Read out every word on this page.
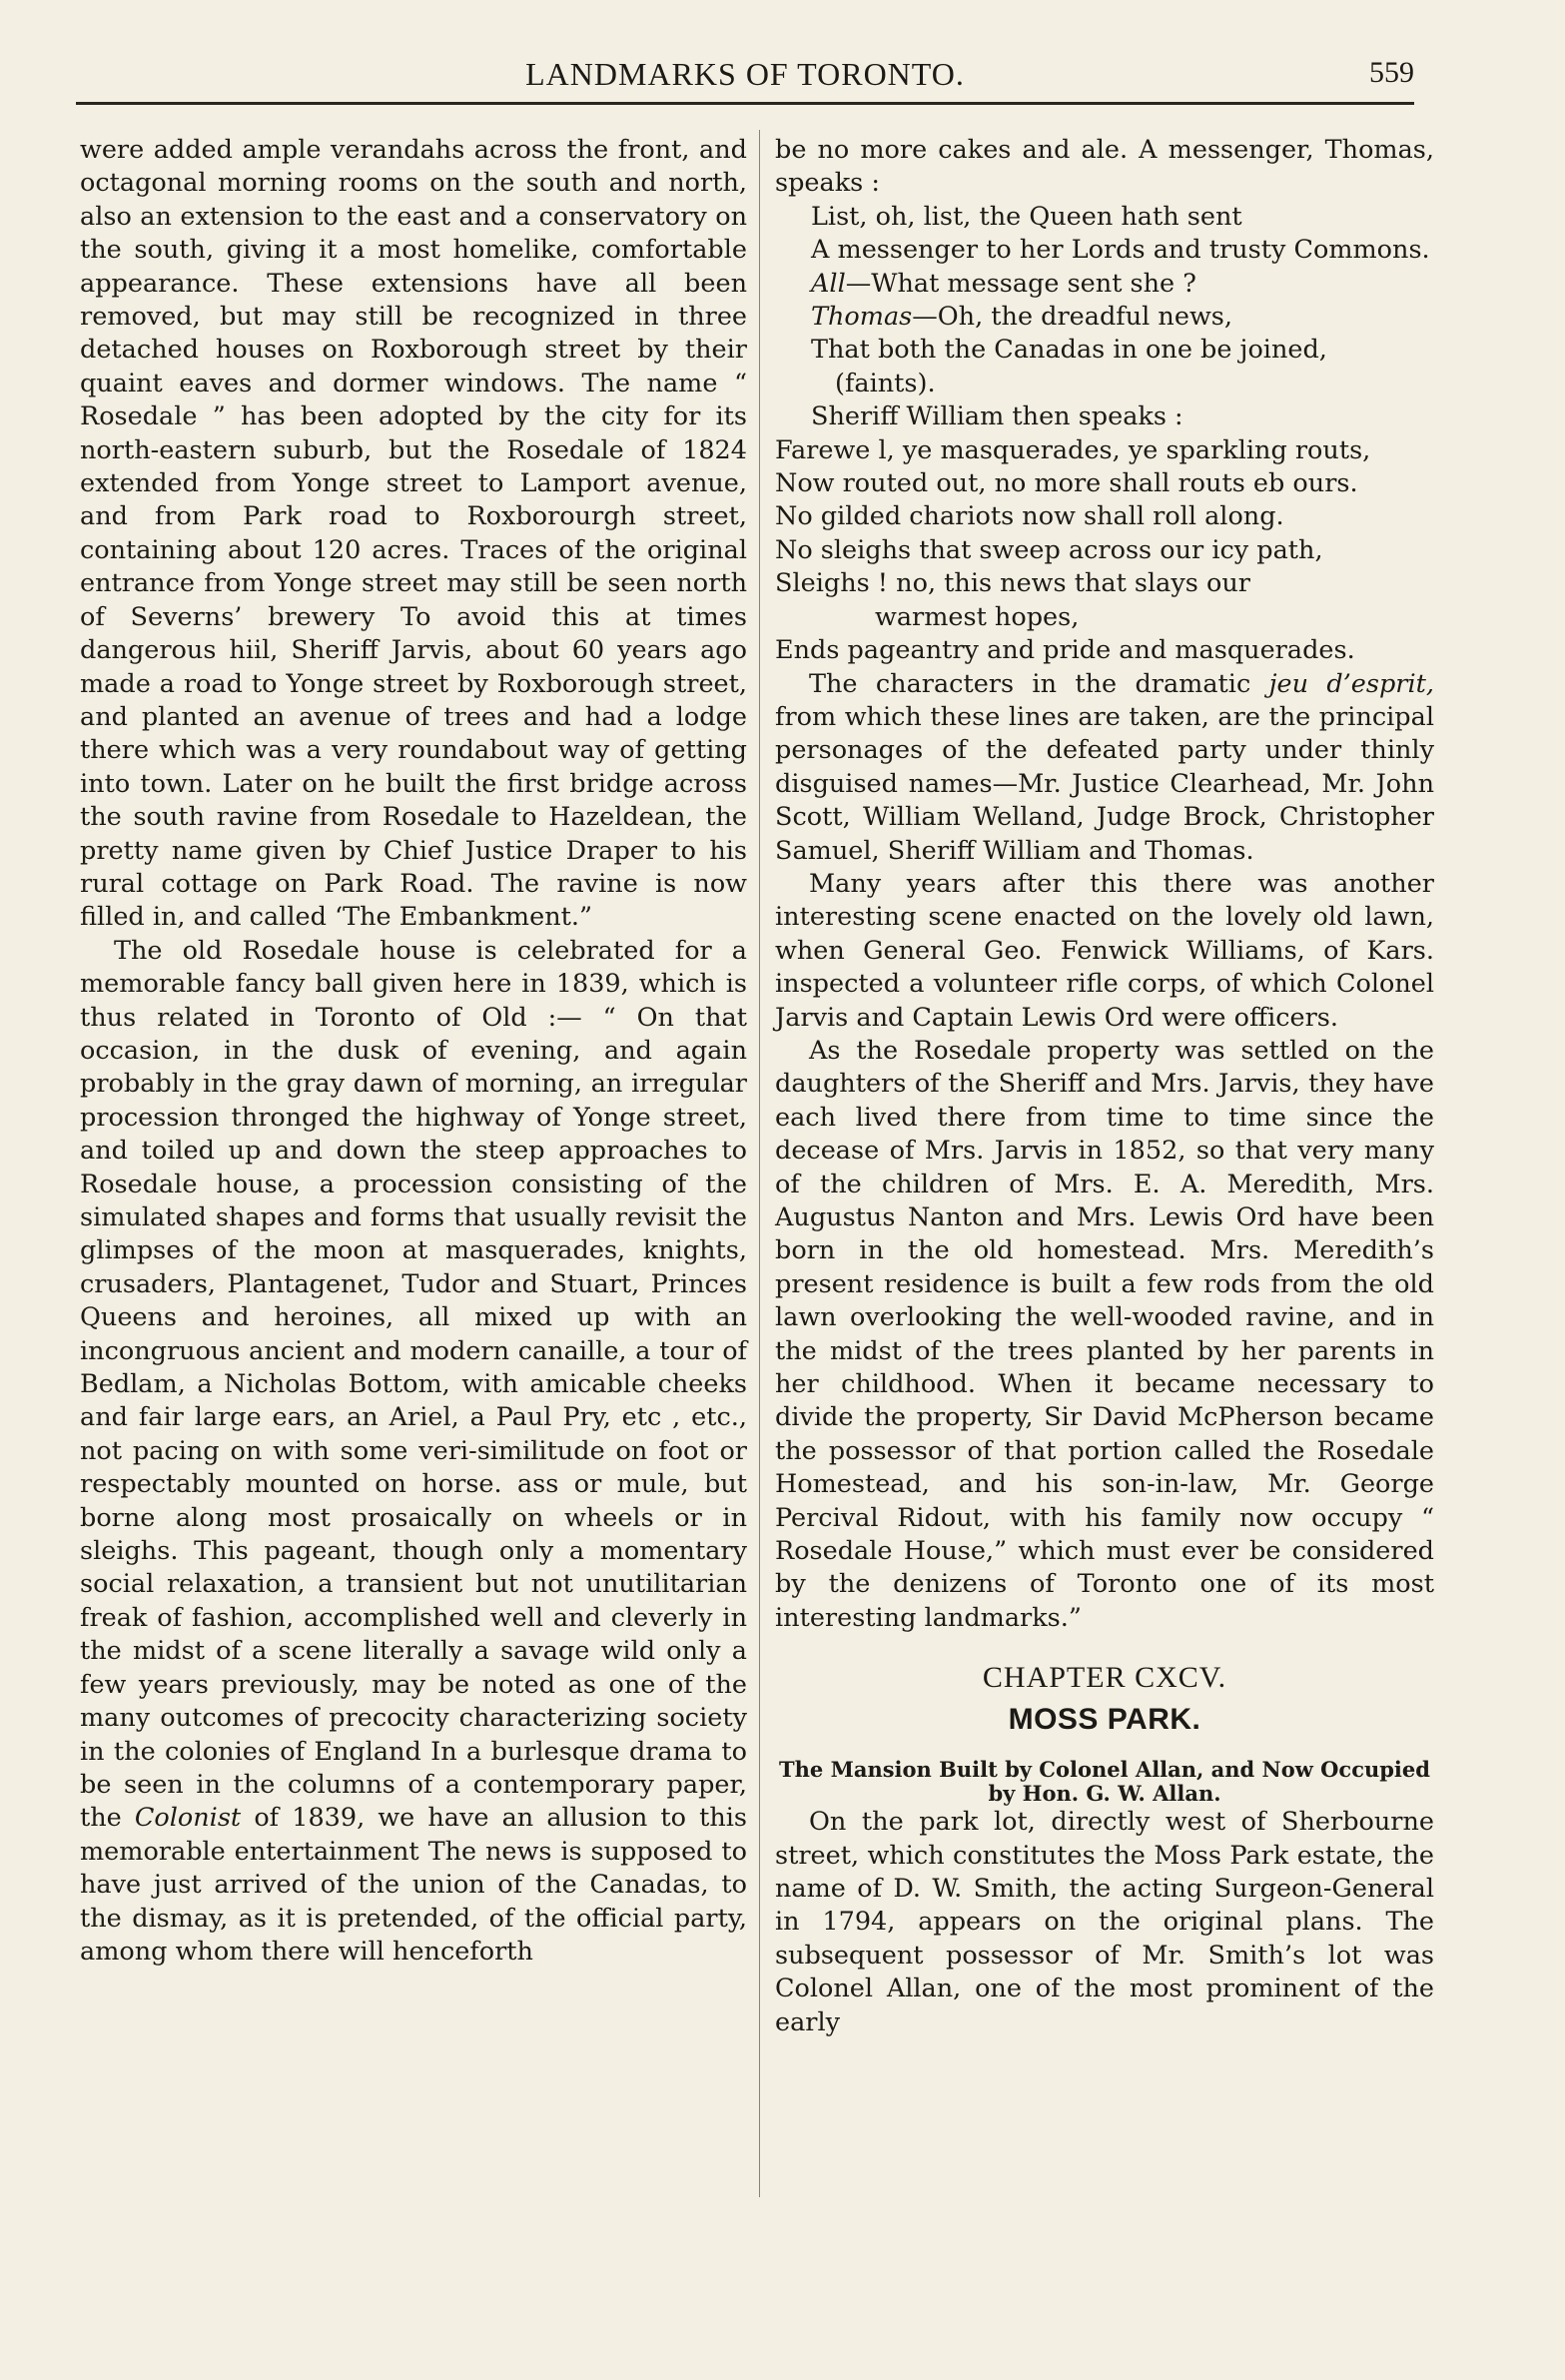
LANDMARKS OF TORONTO.	559

were added ample verandahs across the front, and octagonal morning rooms on the south and north, also an extension to the east and a conservatory on the south, giving it a most homelike, comfortable appearance. These extensions have all been removed, but may still be recognized in three detached houses on Roxborough street by their quaint eaves and dormer windows. The name “ Rosedale ” has been adopted by the city for its north-eastern suburb, but the Rosedale of 1824 extended from Yonge street to Lamport avenue, and from Park road to Roxborourgh street, containing about 120 acres. Traces of the original entrance from Yonge street may still be seen north of Severns’ brewery To avoid this at times dangerous hiil, Sheriff Jarvis, about 60 years ago made a road to Yonge street by Roxborough street, and planted an avenue of trees and had a lodge there which was a very roundabout way of getting into town. Later on he built the first bridge across the south ravine from Rosedale to Hazeldean, the pretty name given by Chief Justice Draper to his rural cottage on Park Road. The ravine is now filled in, and called ‘The Embankment.”

The old Rosedale house is celebrated for a memorable fancy ball given here in 1839, which is thus related in Toronto of Old :— “ On that occasion, in the dusk of evening, and again probably in the gray dawn of morning, an irregular procession thronged the highway of Yonge street, and toiled up and down the steep approaches to Rosedale house, a procession consisting of the simulated shapes and forms that usually revisit the glimpses of the moon at masquerades, knights, crusaders, Plantagenet, Tudor and Stuart, Princes Queens and heroines, all mixed up with an incongruous ancient and modern canaille, a tour of Bedlam, a Nicholas Bottom, with amicable cheeks and fair large ears, an Ariel, a Paul Pry, etc , etc., not pacing on with some veri-similitude on foot or respectably mounted on horse. ass or mule, but borne along most prosaically on wheels or in sleighs. This pageant, though only a momentary social relaxation, a transient but not unutilitarian freak of fashion, accomplished well and cleverly in the midst of a scene literally a savage wild only a few years previously, may be noted as one of the many outcomes of precocity characterizing society in the colonies of England In a burlesque drama to be seen in the columns of a contemporary paper, the Colonist of 1839, we have an allusion to this memorable entertainment The news is supposed to have just arrived of the union of the Canadas, to the dismay, as it is pretended, of the official party, among whom there will henceforth

be no more cakes and ale. A messenger, Thomas, speaks :

List, oh, list, the Queen hath sent

A messenger to her Lords and trusty Commons.

All—What message sent she ?

Thomas—Oh, the dreadful news,

That both the Canadas in one be joined,

(faints).

Sheriff William then speaks :

Farewe l, ye masquerades, ye sparkling routs,

Now routed out, no more shall routs eb ours.

No gilded chariots now shall roll along.

No sleighs that sweep across our icy path,

Sleighs ! no, this news that slays our

warmest hopes,

Ends pageantry and pride and masquerades.

The characters in the dramatic jeu d’esprit, from which these lines are taken, are the principal personages of the defeated party under thinly disguised names—Mr. Justice Clearhead, Mr. John Scott, William Welland, Judge Brock, Christopher Samuel, Sheriff William and Thomas.

Many years after this there was another interesting scene enacted on the lovely old lawn, when General Geo. Fenwick Williams, of Kars. inspected a volunteer rifle corps, of which Colonel Jarvis and Captain Lewis Ord were officers.

As the Rosedale property was settled on the daughters of the Sheriff and Mrs. Jarvis, they have each lived there from time to time since the decease of Mrs. Jarvis in 1852, so that very many of the children of Mrs. E. A. Meredith, Mrs. Augustus Nanton and Mrs. Lewis Ord have been born in the old homestead. Mrs. Meredith’s present residence is built a few rods from the old lawn overlooking the well-wooded ravine, and in the midst of the trees planted by her parents in her childhood. When it became necessary to divide the property, Sir David McPherson became the possessor of that portion called the Rosedale Homestead, and his son-in-law, Mr. George Percival Ridout, with his family now occupy “ Rosedale House,” which must ever be considered by the denizens of Toronto one of its most interesting landmarks.”

CHAPTER CXCV.
MOSS PARK.
The Mansion Built by Colonel Allan, and Now Occupied by Hon. G. W. Allan.

On the park lot, directly west of Sherbourne street, which constitutes the Moss Park estate, the name of D. W. Smith, the acting Surgeon-General in 1794, appears on the original plans. The subsequent possessor of Mr. Smith’s lot was Colonel Allan, one of the most prominent of the early
